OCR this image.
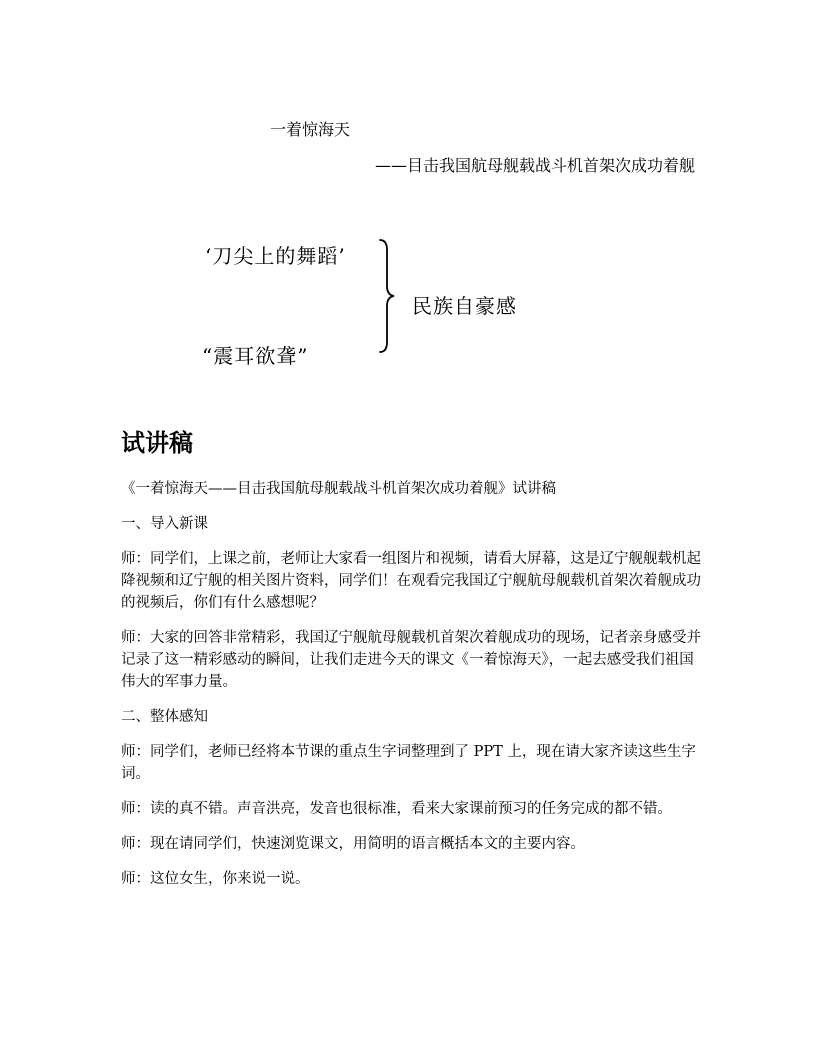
一着惊海天
——目击我国航母舰载战斗机首架次成功着舰
‘刀尖上的舞蹈’
“震耳欲聋”
民族自豪感
试讲稿

《一着惊海天——目击我国航母舰载战斗机首架次成功着舰》试讲稿

一、导入新课

师：同学们，上课之前，老师让大家看一组图片和视频，请看大屏幕，这是辽宁舰舰载机起降视频和辽宁舰的相关图片资料，同学们！在观看完我国辽宁舰航母舰载机首架次着舰成功的视频后，你们有什么感想呢？

师：大家的回答非常精彩，我国辽宁舰航母舰载机首架次着舰成功的现场，记者亲身感受并记录了这一精彩感动的瞬间，让我们走进今天的课文《一着惊海天》，一起去感受我们祖国伟大的军事力量。

二、整体感知

师：同学们，老师已经将本节课的重点生字词整理到了 PPT 上，现在请大家齐读这些生字词。

师：读的真不错。声音洪亮，发音也很标准，看来大家课前预习的任务完成的都不错。

师：现在请同学们，快速浏览课文，用简明的语言概括本文的主要内容。

师：这位女生，你来说一说。
